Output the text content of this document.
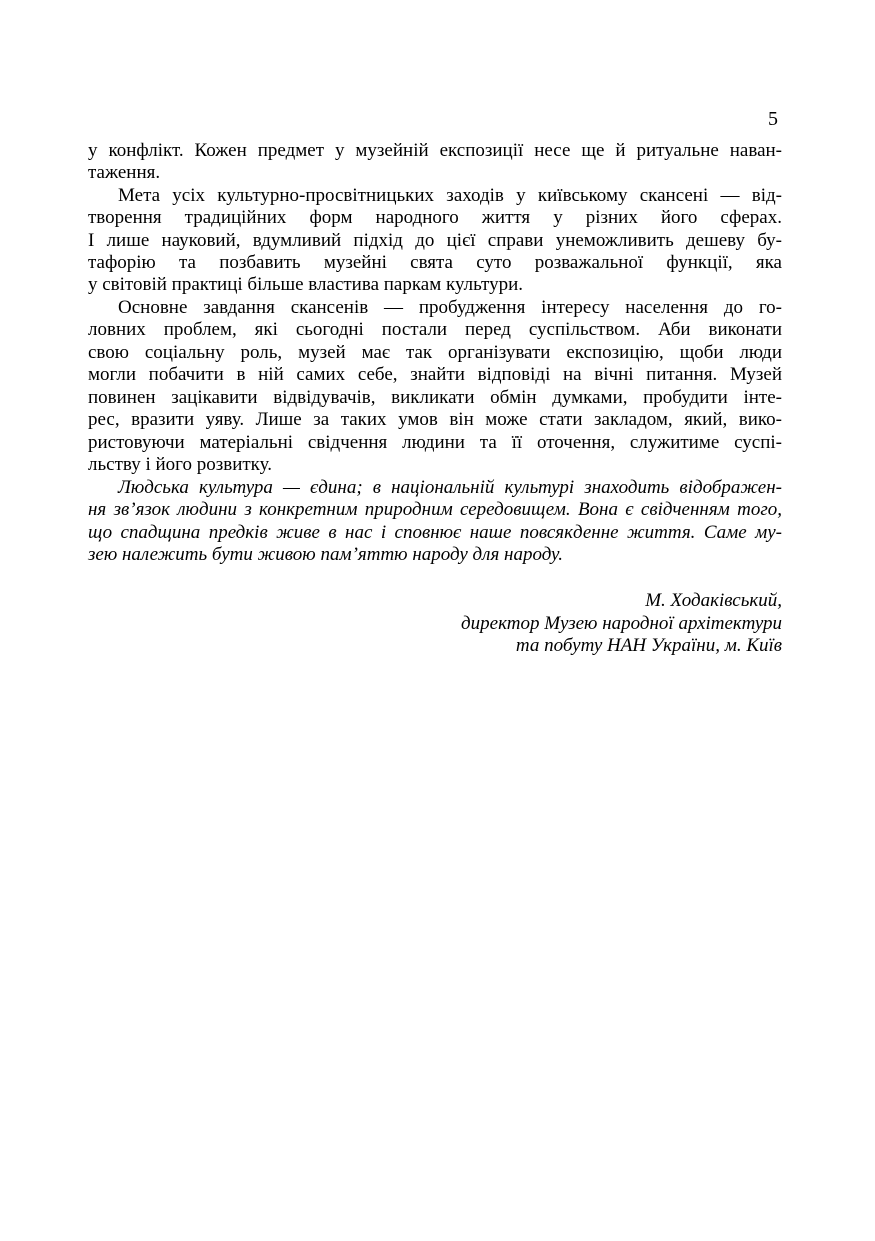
5
у конфлікт. Кожен предмет у музейній експозиції несе ще й ритуальне наван-
таження.
Мета усіх культурно-просвітницьких заходів у київському скансені — від-
творення традиційних форм народного життя у різних його сферах.
І лише науковий, вдумливий підхід до цієї справи унеможливить дешеву бу-
тафорію та позбавить музейні свята суто розважальної функції, яка
у світовій практиці більше властива паркам культури.
Основне завдання скансенів — пробудження інтересу населення до го-
ловних проблем, які сьогодні постали перед суспільством. Аби виконати
свою соціальну роль, музей має так організувати експозицію, щоби люди
могли побачити в ній самих себе, знайти відповіді на вічні питання. Музей
повинен зацікавити відвідувачів, викликати обмін думками, пробудити інте-
рес, вразити уяву. Лише за таких умов він може стати закладом, який, вико-
ристовуючи матеріальні свідчення людини та її оточення, служитиме суспі-
льству і його розвитку.
Людська культура — єдина; в національній культурі знаходить відображен-
ня зв’язок людини з конкретним природним середовищем. Вона є свідченням того,
що спадщина предків живе в нас і сповнює наше повсякденне життя. Саме му-
зею належить бути живою пам’яттю народу для народу.
М. Ходаківський,
директор Музею народної архітектури
та побуту НАН України, м. Київ
